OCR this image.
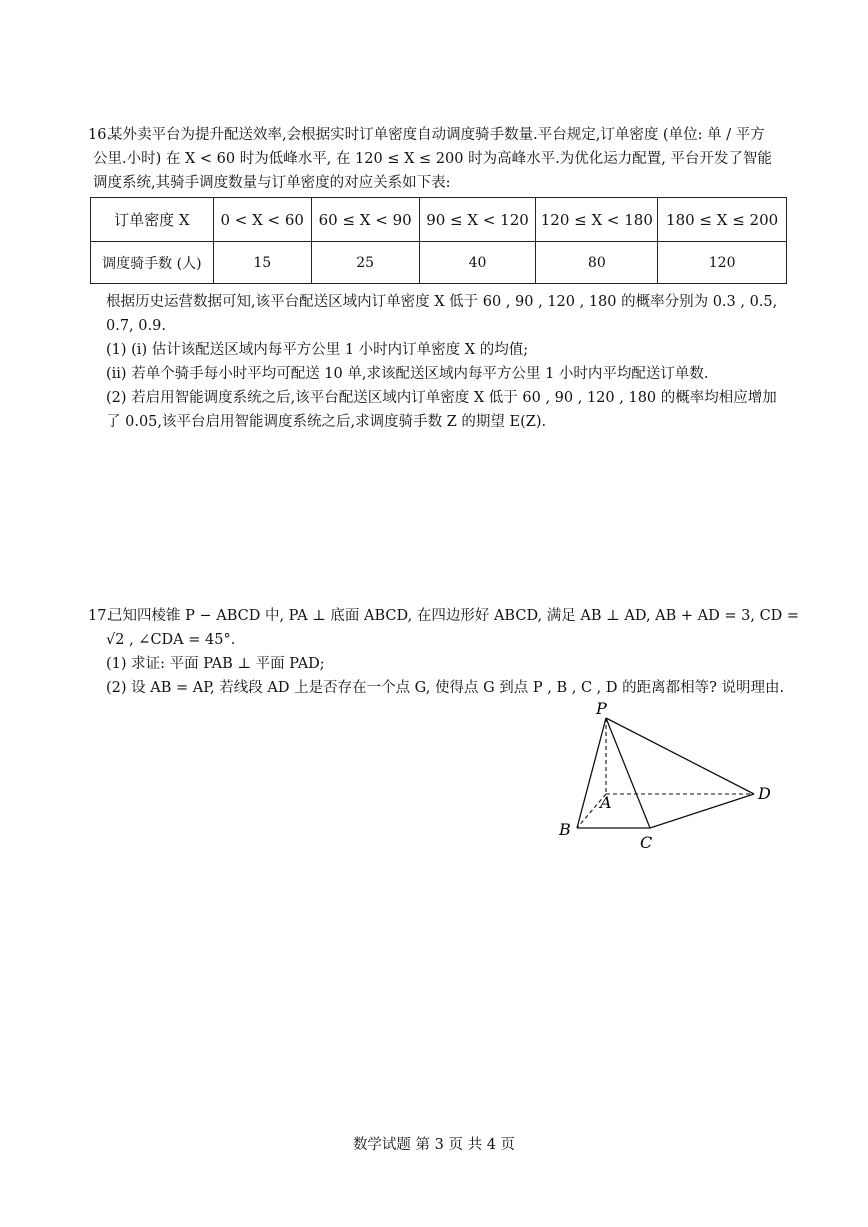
16.
某外卖平台为提升配送效率,会根据实时订单密度自动调度骑手数量.平台规定,订单密度 (单位: 单 / 平方
公里.小时) 在 X < 60 时为低峰水平, 在 120 ≤ X ≤ 200 时为高峰水平.为优化运力配置, 平台开发了智能
调度系统,其骑手调度数量与订单密度的对应关系如下表:
订单密度 X	0 < X < 60	60 ≤ X < 90	90 ≤ X < 120	120 ≤ X < 180	180 ≤ X ≤ 200
调度骑手数 (人)	15	25	40	80	120
根据历史运营数据可知,该平台配送区域内订单密度 X 低于 60 , 90 , 120 , 180 的概率分别为 0.3 , 0.5,
0.7, 0.9.
(1) (i) 估计该配送区域内每平方公里 1 小时内订单密度 X 的均值;
(ii) 若单个骑手每小时平均可配送 10 单,求该配送区域内每平方公里 1 小时内平均配送订单数.
(2) 若启用智能调度系统之后,该平台配送区域内订单密度 X 低于 60 , 90 , 120 , 180 的概率均相应增加
了 0.05,该平台启用智能调度系统之后,求调度骑手数 Z 的期望 E(Z).
17.
已知四棱锥 P − ABCD 中, PA ⊥ 底面 ABCD, 在四边形好 ABCD, 满足 AB ⊥ AD, AB + AD = 3, CD =
√2 , ∠CDA = 45°.
(1) 求证: 平面 PAB ⊥ 平面 PAD;
(2) 设 AB = AP, 若线段 AD 上是否存在一个点 G, 使得点 G 到点 P , B , C , D 的距离都相等? 说明理由.
P
A
B
C
D
数学试题 第 3 页 共 4 页
